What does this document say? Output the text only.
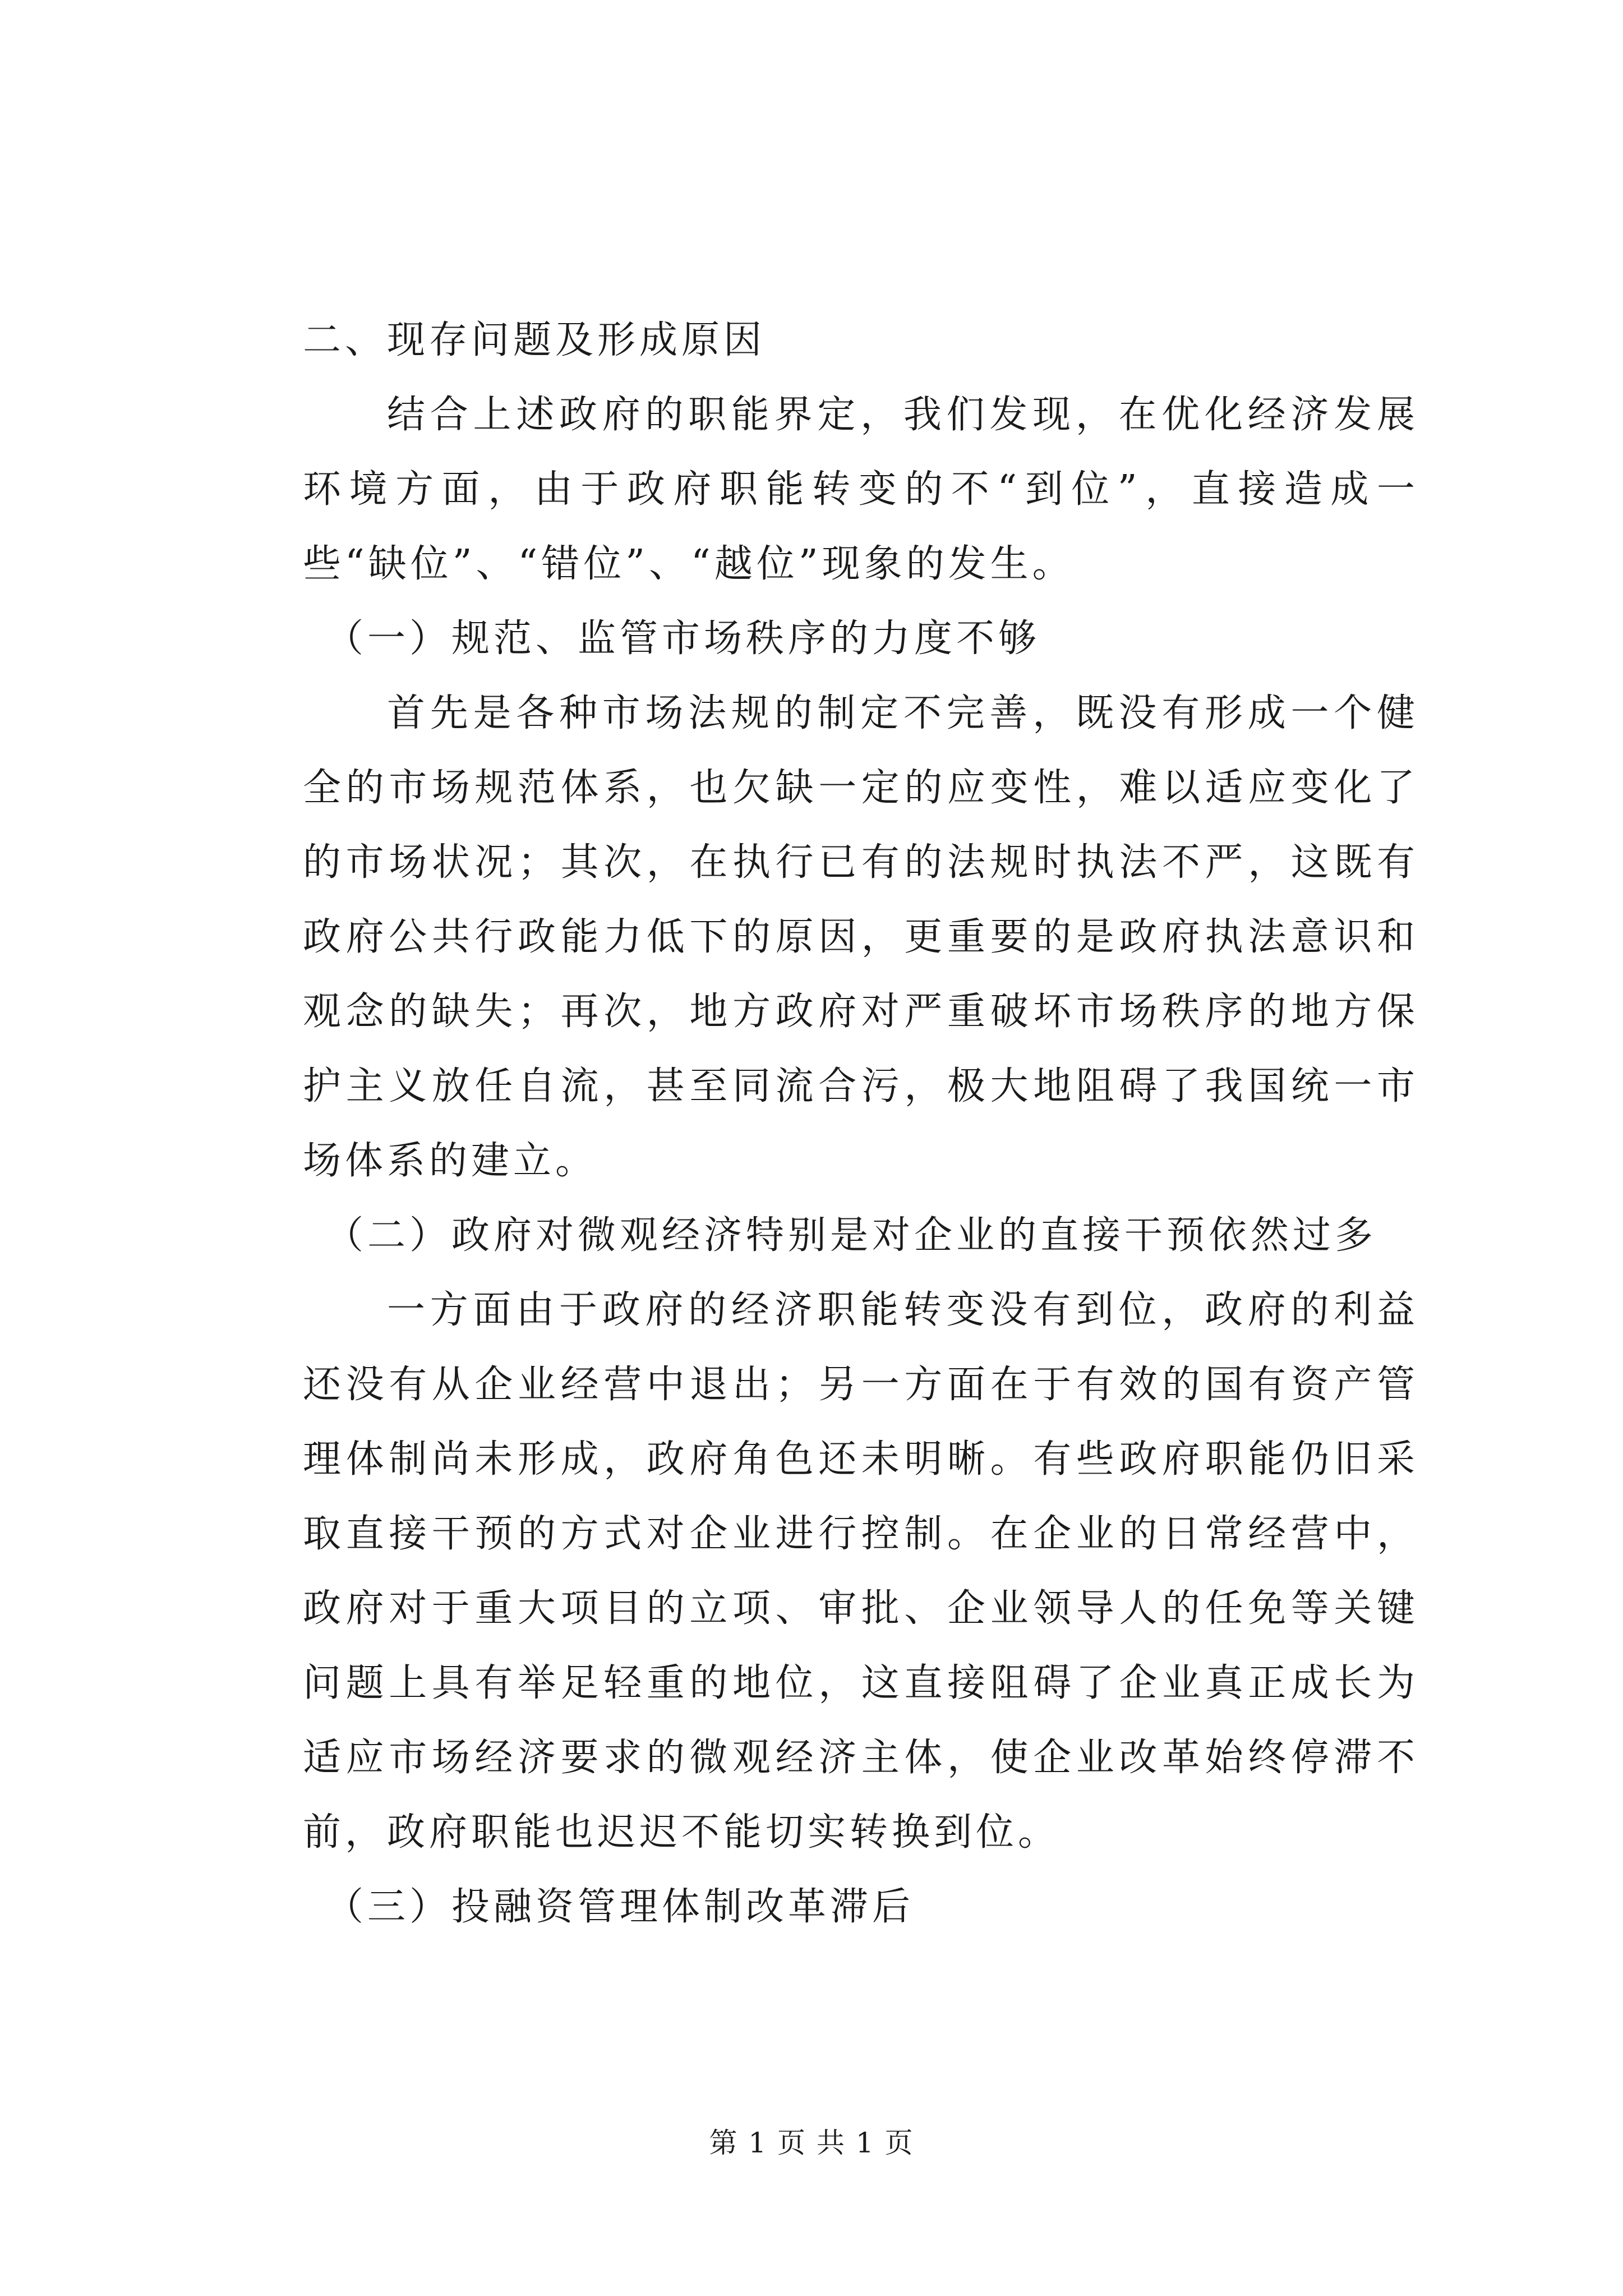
二、现存问题及形成原因

结合上述政府的职能界定，我们发现，在优化经济发展环境方面，由于政府职能转变的不“到位”，直接造成一些“缺位”、“错位”、“越位”现象的发生。

（一）规范、监管市场秩序的力度不够

首先是各种市场法规的制定不完善，既没有形成一个健全的市场规范体系，也欠缺一定的应变性，难以适应变化了的市场状况；其次，在执行已有的法规时执法不严，这既有政府公共行政能力低下的原因，更重要的是政府执法意识和观念的缺失；再次，地方政府对严重破坏市场秩序的地方保护主义放任自流，甚至同流合污，极大地阻碍了我国统一市场体系的建立。

（二）政府对微观经济特别是对企业的直接干预依然过多

一方面由于政府的经济职能转变没有到位，政府的利益还没有从企业经营中退出；另一方面在于有效的国有资产管理体制尚未形成，政府角色还未明晰。有些政府职能仍旧采取直接干预的方式对企业进行控制。在企业的日常经营中，政府对于重大项目的立项、审批、企业领导人的任免等关键问题上具有举足轻重的地位，这直接阻碍了企业真正成长为适应市场经济要求的微观经济主体，使企业改革始终停滞不前，政府职能也迟迟不能切实转换到位。

（三）投融资管理体制改革滞后

第 1 页 共 1 页
